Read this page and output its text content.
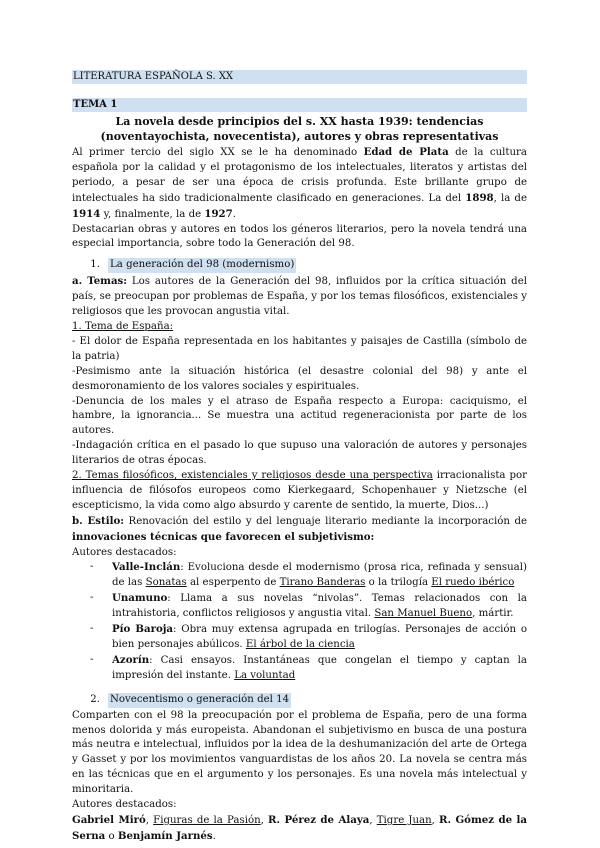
LITERATURA ESPAÑOLA S. XX
TEMA 1
La novela desde principios del s. XX hasta 1939: tendencias (noventayochista, novecentista), autores y obras representativas

Al primer tercio del siglo XX se le ha denominado Edad de Plata de la cultura española por la calidad y el protagonismo de los intelectuales, literatos y artistas del periodo, a pesar de ser una época de crisis profunda. Este brillante grupo de intelectuales ha sido tradicionalmente clasificado en generaciones. La del 1898, la de 1914 y, finalmente, la de 1927.

Destacarian obras y autores en todos los géneros literarios, pero la novela tendrá una especial importancia, sobre todo la Generación del 98.

1. La generación del 98 (modernismo)

a. Temas: Los autores de la Generación del 98, influidos por la crítica situación del país, se preocupan por problemas de España, y por los temas filosóficos, existenciales y religiosos que les provocan angustia vital.

1. Tema de España:

- El dolor de España representada en los habitantes y paisajes de Castilla (símbolo de la patria)

-Pesimismo ante la situación histórica (el desastre colonial del 98) y ante el desmoronamiento de los valores sociales y espirituales.

-Denuncia de los males y el atraso de España respecto a Europa: caciquismo, el hambre, la ignorancia... Se muestra una actitud regeneracionista por parte de los autores.

-Indagación crítica en el pasado lo que supuso una valoración de autores y personajes literarios de otras épocas.

2. Temas filosóficos, existenciales y religiosos desde una perspectiva irracionalista por influencia de filósofos europeos como Kierkegaard, Schopenhauer y Nietzsche (el escepticismo, la vida como algo absurdo y carente de sentido, la muerte, Dios...)

b. Estilo: Renovación del estilo y del lenguaje literario mediante la incorporación de innovaciones técnicas que favorecen el subjetivismo:

Autores destacados:

- Valle-Inclán: Evoluciona desde el modernismo (prosa rica, refinada y sensual) de las Sonatas al esperpento de Tirano Banderas o la trilogía El ruedo ibérico
- Unamuno: Llama a sus novelas “nivolas”. Temas relacionados con la intrahistoria, conflictos religiosos y angustia vital. San Manuel Bueno, mártir.
- Pío Baroja: Obra muy extensa agrupada en trilogías. Personajes de acción o bien personajes abúlicos. El árbol de la ciencia
- Azorín: Casi ensayos. Instantáneas que congelan el tiempo y captan la impresión del instante. La voluntad
2. Novecentismo o generación del 14

Comparten con el 98 la preocupación por el problema de España, pero de una forma menos dolorida y más europeista. Abandonan el subjetivismo en busca de una postura más neutra e intelectual, influidos por la idea de la deshumanización del arte de Ortega y Gasset y por los movimientos vanguardistas de los años 20. La novela se centra más en las técnicas que en el argumento y los personajes. Es una novela más intelectual y minoritaria.

Autores destacados:

Gabriel Miró, Figuras de la Pasión, R. Pérez de Alaya, Tigre Juan, R. Gómez de la Serna o Benjamín Jarnés.
